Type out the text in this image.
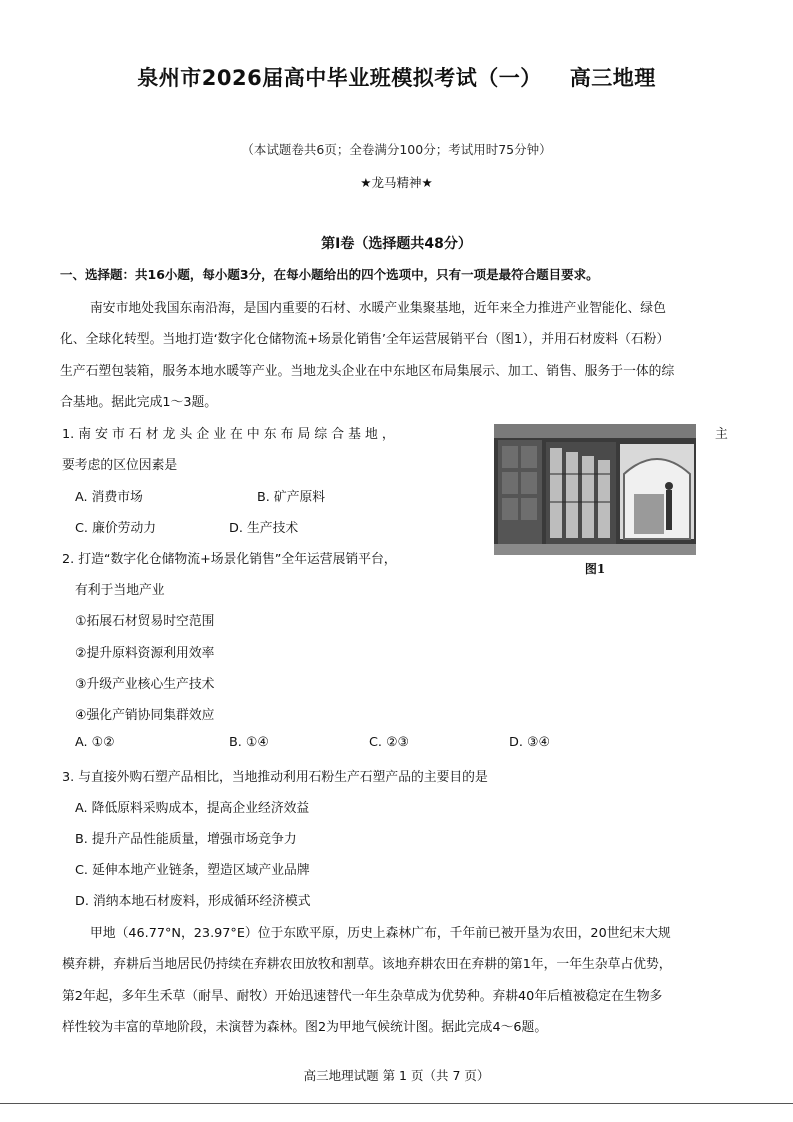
泉州市2026届高中毕业班模拟考试（一） 高三地理
（本试题卷共6页；全卷满分100分；考试用时75分钟）
★龙马精神★
第Ⅰ卷（选择题共48分）
一、选择题：共16小题，每小题3分，在每小题给出的四个选项中，只有一项是最符合题目要求。
南安市地处我国东南沿海，是国内重要的石材、水暖产业集聚基地，近年来全力推进产业智能化、绿色
化、全球化转型。当地打造‘数字化仓储物流+场景化销售’全年运营展销平台（图1），并用石材废料（石粉）
生产石塑包装箱，服务本地水暖等产业。当地龙头企业在中东地区布局集展示、加工、销售、服务于一体的综
合基地。据此完成1～3题。
1. 南 安 市 石 材 龙 头 企 业 在 中 东 布 局 综 合 基 地 ，	主
要考虑的区位因素是
A. 消费市场	B. 矿产原料
C. 廉价劳动力	D. 生产技术
图1
2. 打造“数字化仓储物流+场景化销售”全年运营展销平台，
有利于当地产业
①拓展石材贸易时空范围
②提升原料资源利用效率
③升级产业核心生产技术
④强化产销协同集群效应
A. ①②	B. ①④	C. ②③	D. ③④
3. 与直接外购石塑产品相比，当地推动利用石粉生产石塑产品的主要目的是
A. 降低原料采购成本，提高企业经济效益
B. 提升产品性能质量，增强市场竞争力
C. 延伸本地产业链条，塑造区域产业品牌
D. 消纳本地石材废料，形成循环经济模式
甲地（46.77°N，23.97°E）位于东欧平原，历史上森林广布，千年前已被开垦为农田，20世纪末大规
模弃耕，弃耕后当地居民仍持续在弃耕农田放牧和割草。该地弃耕农田在弃耕的第1年，一年生杂草占优势，
第2年起，多年生禾草（耐旱、耐牧）开始迅速替代一年生杂草成为优势种。弃耕40年后植被稳定在生物多
样性较为丰富的草地阶段，未演替为森林。图2为甲地气候统计图。据此完成4～6题。
高三地理试题 第 1 页（共 7 页）
